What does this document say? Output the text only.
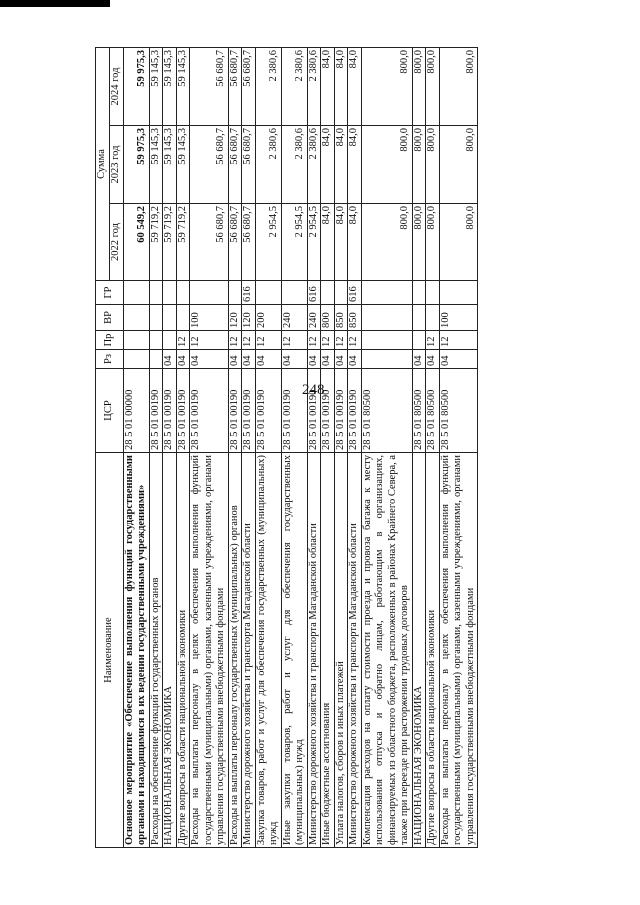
248
Наименование	ЦСР	Рз	Пр	ВР	ГР	Сумма		
						2022 год	2023 год	2024 год
Основное мероприятие «Обеспечение выполнения функций государственными органами и находящимися в их ведении государственными учреждениями»	28 5 01 00000					60 549,2	59 975,3	59 975,3
Расходы на обеспечение функций государственных органов	28 5 01 00190					59 719,2	59 145,3	59 145,3
НАЦИОНАЛЬНАЯ ЭКОНОМИКА	28 5 01 00190	04				59 719,2	59 145,3	59 145,3
Другие вопросы в области национальной экономики	28 5 01 00190	04	12			59 719,2	59 145,3	59 145,3
Расходы на выплаты персоналу в целях обеспечения выполнения функций государственными (муниципальными) органами, казенными учреждениями, органами управления государственными внебюджетными фондами	28 5 01 00190	04	12	100		56 680,7	56 680,7	56 680,7
Расходы на выплаты персоналу государственных (муниципальных) органов	28 5 01 00190	04	12	120		56 680,7	56 680,7	56 680,7
Министерство дорожного хозяйства и транспорта Магаданской области	28 5 01 00190	04	12	120	616	56 680,7	56 680,7	56 680,7
Закупка товаров, работ и услуг для обеспечения государственных (муниципальных) нужд	28 5 01 00190	04	12	200		2 954,5	2 380,6	2 380,6
Иные закупки товаров, работ и услуг для обеспечения государственных (муниципальных) нужд	28 5 01 00190	04	12	240		2 954,5	2 380,6	2 380,6
Министерство дорожного хозяйства и транспорта Магаданской области	28 5 01 00190	04	12	240	616	2 954,5	2 380,6	2 380,6
Иные бюджетные ассигнования	28 5 01 00190	04	12	800		84,0	84,0	84,0
Уплата налогов, сборов и иных платежей	28 5 01 00190	04	12	850		84,0	84,0	84,0
Министерство дорожного хозяйства и транспорта Магаданской области	28 5 01 00190	04	12	850	616	84,0	84,0	84,0
Компенсация расходов на оплату стоимости проезда и провоза багажа к месту использования отпуска и обратно лицам, работающим в организациях, финансируемых из областного бюджета, расположенных в районах Крайнего Севера, а также при переезде при расторжении трудовых договоров	28 5 01 80500					800,0	800,0	800,0
НАЦИОНАЛЬНАЯ ЭКОНОМИКА	28 5 01 80500	04				800,0	800,0	800,0
Другие вопросы в области национальной экономики	28 5 01 80500	04	12			800,0	800,0	800,0
Расходы на выплаты персоналу в целях обеспечения выполнения функций государственными (муниципальными) органами, казенными учреждениями, органами управления государственными внебюджетными фондами	28 5 01 80500	04	12	100		800,0	800,0	800,0
